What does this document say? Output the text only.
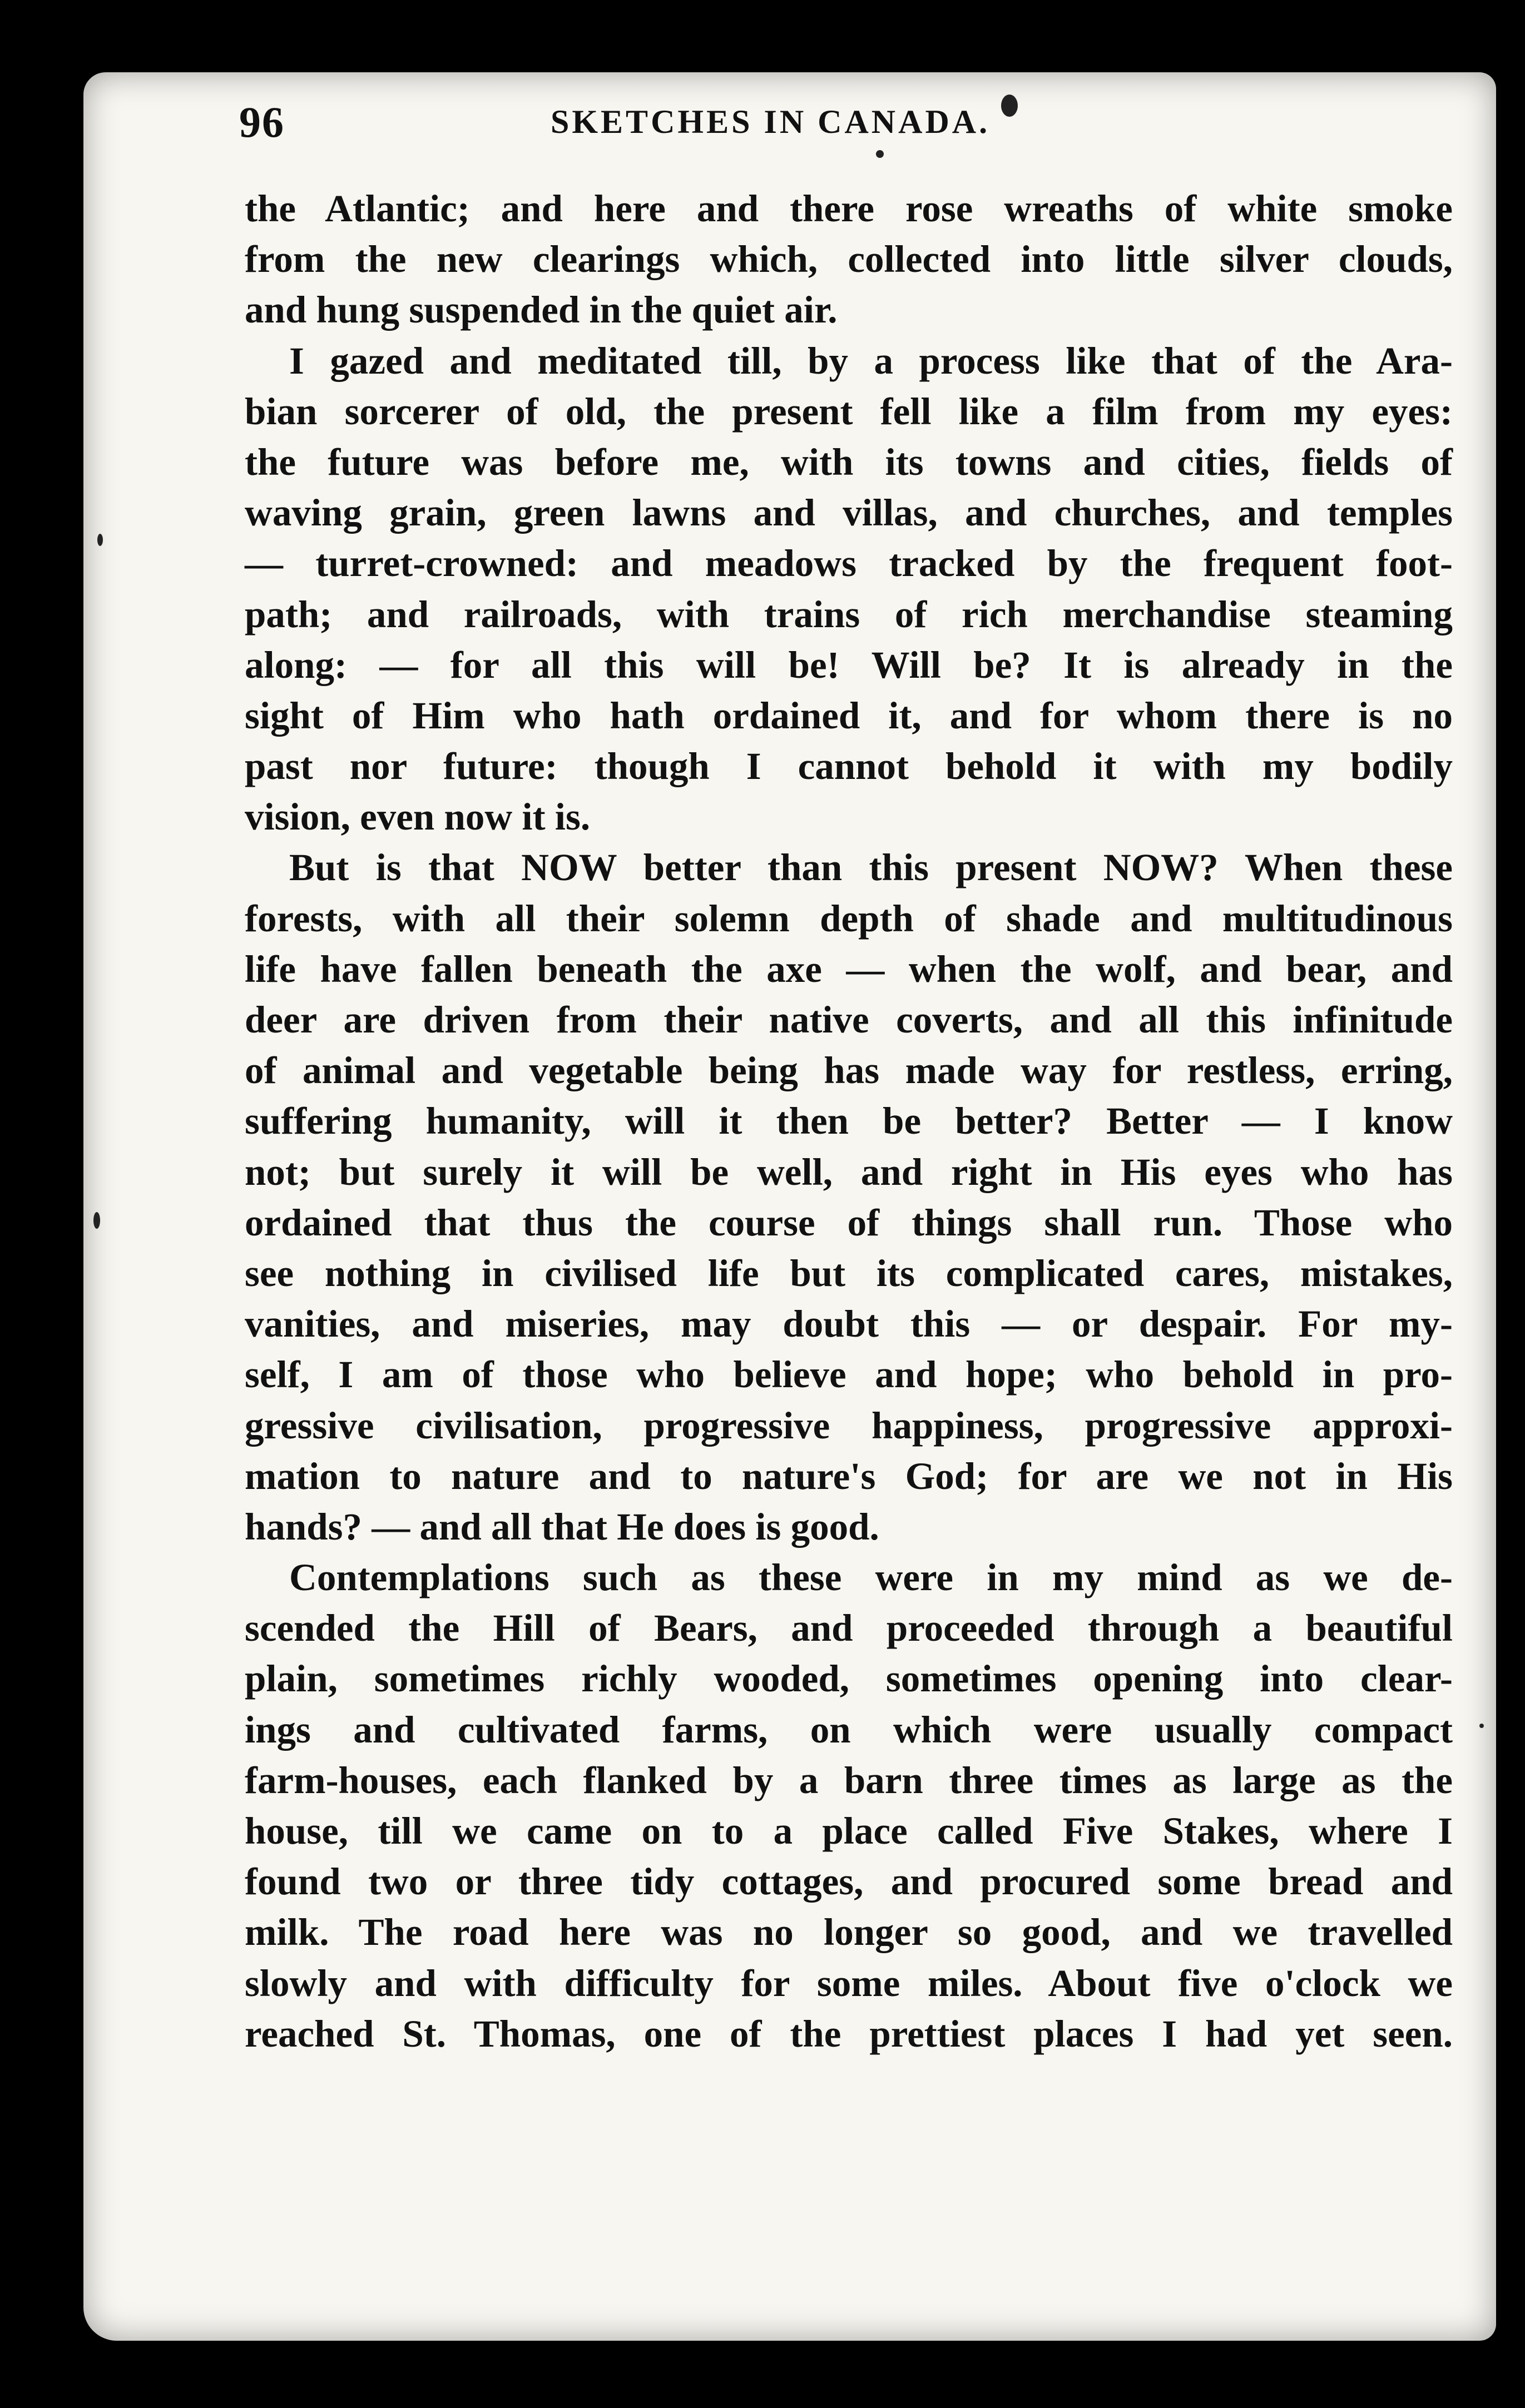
96	SKETCHES IN CANADA.
the Atlantic; and here and there rose wreaths of white smoke
from the new clearings which, collected into little silver clouds,
and hung suspended in the quiet air.
I gazed and meditated till, by a process like that of the Ara-
bian sorcerer of old, the present fell like a film from my eyes:
the future was before me, with its towns and cities, fields of
waving grain, green lawns and villas, and churches, and temples
— turret-crowned: and meadows tracked by the frequent foot-
path; and railroads, with trains of rich merchandise steaming
along: — for all this will be! Will be? It is already in the
sight of Him who hath ordained it, and for whom there is no
past nor future: though I cannot behold it with my bodily
vision, even now it is.
But is that NOW better than this present NOW? When these
forests, with all their solemn depth of shade and multitudinous
life have fallen beneath the axe — when the wolf, and bear, and
deer are driven from their native coverts, and all this infinitude
of animal and vegetable being has made way for restless, erring,
suffering humanity, will it then be better? Better — I know
not; but surely it will be well, and right in His eyes who has
ordained that thus the course of things shall run. Those who
see nothing in civilised life but its complicated cares, mistakes,
vanities, and miseries, may doubt this — or despair. For my-
self, I am of those who believe and hope; who behold in pro-
gressive civilisation, progressive happiness, progressive approxi-
mation to nature and to nature's God; for are we not in His
hands? — and all that He does is good.
Contemplations such as these were in my mind as we de-
scended the Hill of Bears, and proceeded through a beautiful
plain, sometimes richly wooded, sometimes opening into clear-
ings and cultivated farms, on which were usually compact
farm-houses, each flanked by a barn three times as large as the
house, till we came on to a place called Five Stakes, where I
found two or three tidy cottages, and procured some bread and
milk. The road here was no longer so good, and we travelled
slowly and with difficulty for some miles. About five o'clock we
reached St. Thomas, one of the prettiest places I had yet seen.
